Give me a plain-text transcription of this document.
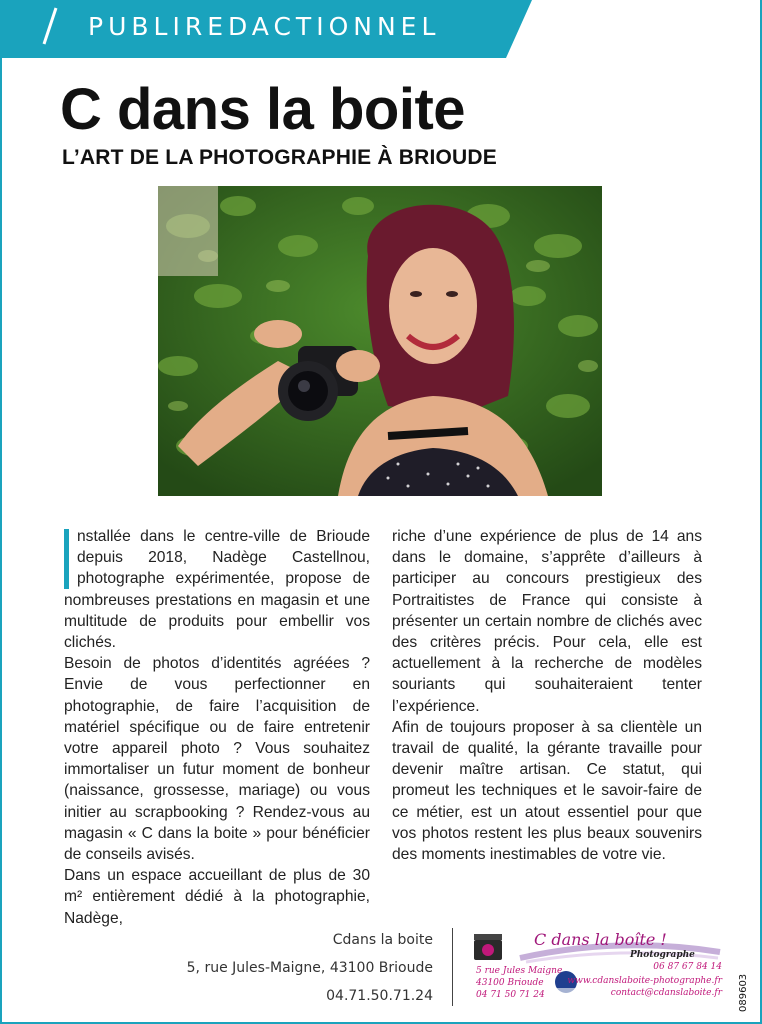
PUBLIREDACTIONNEL
C dans la boite
L’ART DE LA PHOTOGRAPHIE À BRIOUDE

nstallée dans le centre-ville de Brioude depuis 2018, Nadège Castellnou, photographe expérimentée, propose de nombreuses prestations en magasin et une multitude de produits pour embellir vos clichés.

Besoin de photos d’identités agréées ? Envie de vous perfectionner en photographie, de faire l’acquisition de matériel spécifique ou de faire entretenir votre appareil photo ? Vous souhaitez immortaliser un futur moment de bonheur (naissance, grossesse, mariage) ou vous initier au scrapbooking ? Rendez-vous au magasin « C dans la boite » pour bénéficier de conseils avisés.

Dans un espace accueillant de plus de 30 m² entièrement dédié à la photographie, Nadège,

riche d’une expérience de plus de 14 ans dans le domaine, s’apprête d’ailleurs à participer au concours prestigieux des Portraitistes de France qui consiste à présenter un certain nombre de clichés avec des critères précis. Pour cela, elle est actuellement à la recherche de modèles souriants qui souhaiteraient tenter l’expérience.

Afin de toujours proposer à sa clientèle un travail de qualité, la gérante travaille pour devenir maître artisan. Ce statut, qui promeut les techniques et le savoir-faire de ce métier, est un atout essentiel pour que vos photos restent les plus beaux souvenirs des moments inestimables de votre vie.

Cdans la boite
5, rue Jules-Maigne, 43100 Brioude
04.71.50.71.24
C dans la boîte !
Photographe
5 rue Jules Maigne
43100 Brioude
04 71 50 71 24
06 87 67 84 14
www.cdanslaboite-photographe.fr
contact@cdanslaboite.fr 089603
